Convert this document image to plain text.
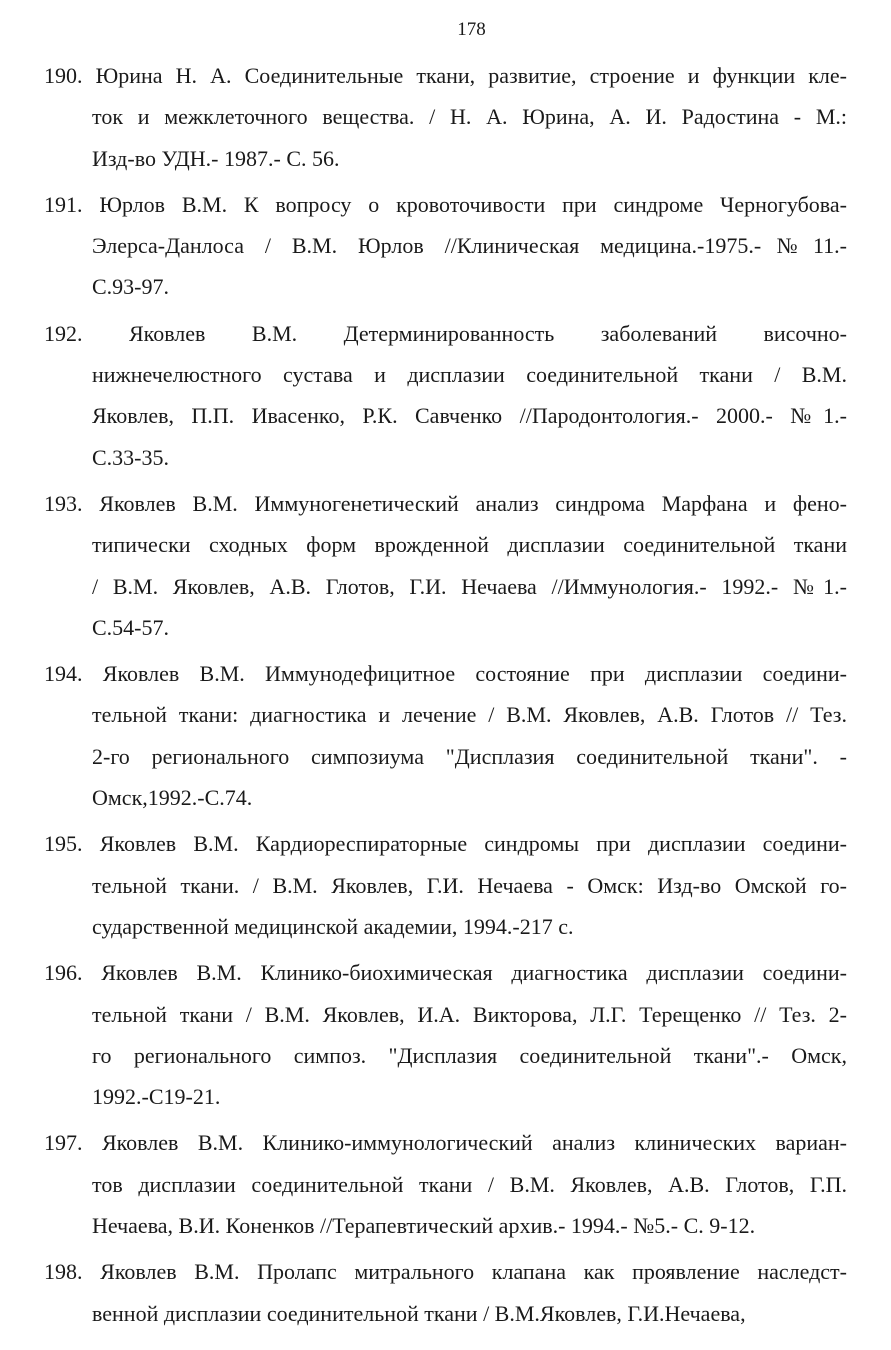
178
190. Юрина Н. А. Соединительные ткани, развитие, строение и функции кле-
ток и межклеточного вещества. / Н. А. Юрина, А. И. Радостина - М.:
Изд-во УДН.- 1987.- С. 56.
191. Юрлов В.М. К вопросу о кровоточивости при синдроме Черногубова-
Элерса-Данлоса / В.М. Юрлов //Клиническая медицина.-1975.-№11.-
С.93-97.
192. Яковлев В.М. Детерминированность заболеваний височно-
нижнечелюстного сустава и дисплазии соединительной ткани / В.М.
Яковлев, П.П. Ивасенко, Р.К. Савченко //Пародонтология.- 2000.- №1.-
С.33-35.
193. Яковлев В.М. Иммуногенетический анализ синдрома Марфана и фено-
типически сходных форм врожденной дисплазии соединительной ткани
/ В.М. Яковлев, А.В. Глотов, Г.И. Нечаева //Иммунология.- 1992.- №1.-
С.54-57.
194. Яковлев В.М. Иммунодефицитное состояние при дисплазии соедини-
тельной ткани: диагностика и лечение / В.М. Яковлев, А.В. Глотов // Тез.
2-го регионального симпозиума "Дисплазия соединительной ткани". -
Омск,1992.-С.74.
195. Яковлев В.М. Кардиореспираторные синдромы при дисплазии соедини-
тельной ткани. / В.М. Яковлев, Г.И. Нечаева - Омск: Изд-во Омской го-
сударственной медицинской академии, 1994.-217 с.
196. Яковлев В.М. Клинико-биохимическая диагностика дисплазии соедини-
тельной ткани / В.М. Яковлев, И.А. Викторова, Л.Г. Терещенко // Тез. 2-
го регионального симпоз. "Дисплазия соединительной ткани".- Омск,
1992.-С19-21.
197. Яковлев В.М. Клинико-иммунологический анализ клинических вариан-
тов дисплазии соединительной ткани / В.М. Яковлев, А.В. Глотов, Г.П.
Нечаева, В.И. Коненков //Терапевтический архив.- 1994.- №5.- С. 9-12.
198. Яковлев В.М. Пролапс митрального клапана как проявление наследст-
венной дисплазии соединительной ткани / В.М.Яковлев, Г.И.Нечаева,
